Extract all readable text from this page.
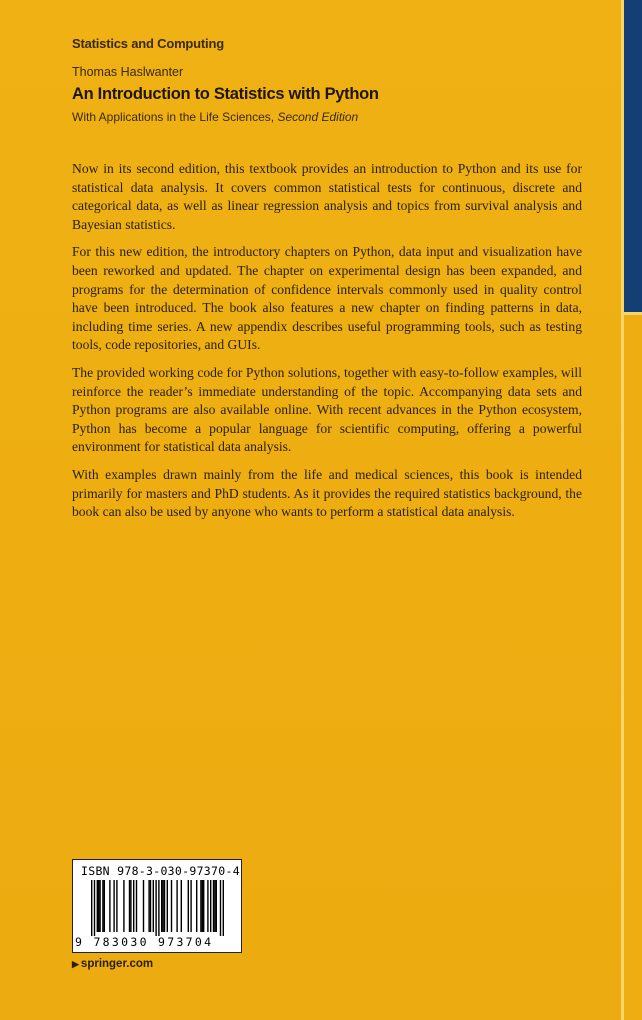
Statistics and Computing
Thomas Haslwanter
An Introduction to Statistics with Python
With Applications in the Life Sciences, Second Edition

Now in its second edition, this textbook provides an introduction to Python and its use for statistical data analysis. It covers common statistical tests for continuous, discrete and categorical data, as well as linear regression analysis and topics from survival analysis and Bayesian statistics.

For this new edition, the introductory chapters on Python, data input and visualization have been reworked and updated. The chapter on experimental design has been expanded, and programs for the determination of confidence intervals commonly used in quality control have been introduced. The book also features a new chapter on finding patterns in data, including time series. A new appendix describes useful programming tools, such as testing tools, code repositories, and GUIs.

The provided working code for Python solutions, together with easy-to-follow examples, will reinforce the reader’s immediate understanding of the topic. Accompanying data sets and Python programs are also available online. With recent advances in the Python ecosystem, Python has become a popular language for scientific computing, offering a powerful environment for statistical data analysis.

With examples drawn mainly from the life and medical sciences, this book is intended primarily for masters and PhD students. As it provides the required statistics background, the book can also be used by anyone who wants to perform a statistical data analysis.

ISBN 978-3-030-97370-4
9 783030 973704
▶ springer.com
